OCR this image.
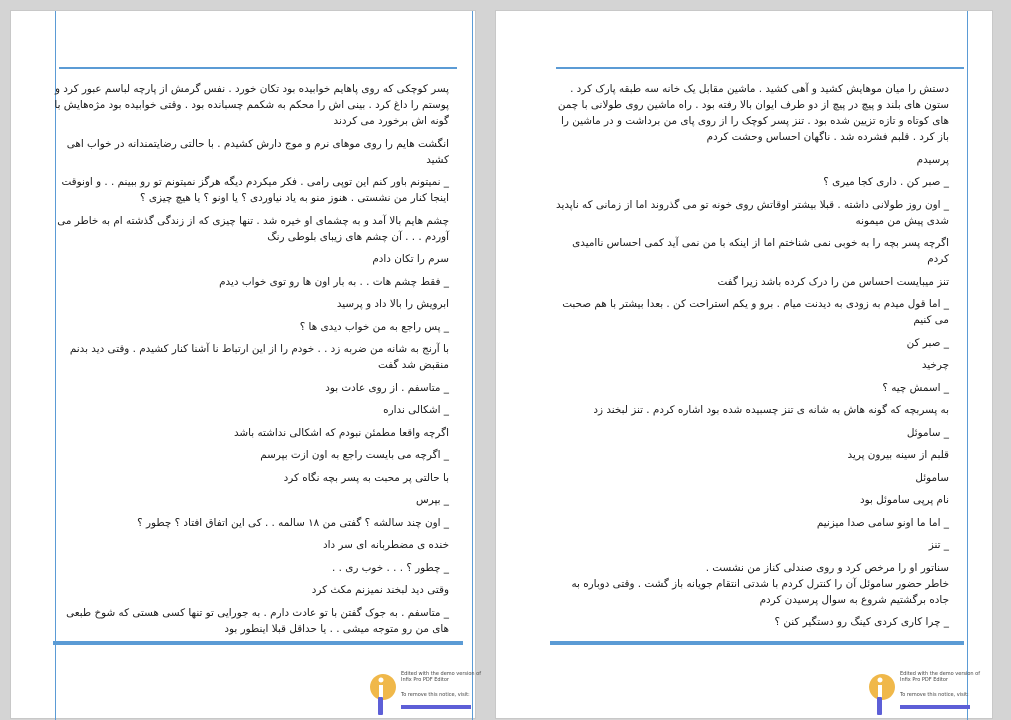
پسر کوچکی که روی پاهایم خوابیده بود تکان خورد . نفس گرمش از پارچه لباسم عبور کرد و پوستم را داغ کرد . بینی اش را محکم به شکمم چسبانده بود . وقتی خوابیده بود مژه‌هایش با گونه اش برخورد می کردند

انگشت هایم را روی موهای نرم و موج دارش کشیدم . با حالتی رضایتمندانه در خواب اهی کشید

_ نمیتونم باور کنم این توپی رامی . فکر میکردم دیگه هرگز نمیتونم تو رو ببینم . . و اونوقت اینجا کنار من نشستی . هنوز منو به یاد نیاوردی ؟ یا اونو ؟ یا هیچ چیزی ؟

چشم هایم بالا آمد و به چشمای او خیره شد . تنها چیزی که از زندگی گذشته ام به خاطر می آوردم . . . آن چشم های زیبای بلوطی رنگ

سرم را تکان دادم

_ فقط چشم هات . . به بار اون ها رو توی خواب دیدم

ابرویش را بالا داد و پرسید

_ پس راجع به من خواب دیدی ها ؟

با آرنج به شانه من ضربه زد . . خودم را از این ارتباط نا آشنا کنار کشیدم . وقتی دید بدنم منقبض شد گفت

_ متاسفم . از روی عادت بود

_ اشکالی نداره

اگرچه واقعا مطمئن نبودم که اشکالی نداشته باشد

_ اگرچه می بایست راجع به اون ازت بپرسم

با حالتی پر محبت به پسر بچه نگاه کرد

_ بپرس

_ اون چند سالشه ؟ گفتی من ۱۸ سالمه . . کی این اتفاق افتاد ؟ چطور ؟

خنده ی مضطربانه ای سر داد

_ چطور ؟ . . . خوب ری . .

وقتی دید لبخند نمیزنم مکث کرد

_ متاسفم . به جوک گفتن با تو عادت دارم . به جورایی تو تنها کسی هستی که شوخ طبعی های من رو متوجه میشی . . یا حداقل قبلا اینطور بود

Edited with the demo version of
Infix Pro PDF Editor
To remove this notice, visit:

دستش را میان موهایش کشید و آهی کشید . ماشین مقابل یک خانه سه طبقه پارک کرد . ستون های بلند و پیچ در پیچ از دو طرف ایوان بالا رفته بود . راه ماشین روی طولانی با چمن های کوتاه و تازه تزیین شده بود . تنز پسر کوچک را از روی پای من برداشت و در ماشین را باز کرد . قلبم فشرده شد . ناگهان احساس وحشت کردم

پرسیدم

_ صبر کن . داری کجا میری ؟

_ اون روز طولانی داشته . قبلا بیشتر اوقاتش روی خونه تو می گذروند اما از زمانی که ناپدید شدی پیش من میمونه

اگرچه پسر بچه را به خوبی نمی شناختم اما از اینکه با من نمی آید کمی احساس ناامیدی کردم

تنز میبایست احساس من را درک کرده باشد زیرا گفت

_ اما قول میدم به زودی به دیدنت میام . برو و یکم استراحت کن . بعدا بیشتر با هم صحبت می کنیم

_ صبر کن

چرخید

_ اسمش چیه ؟

به پسربچه که گونه هاش به شانه ی تنز چسبیده شده بود اشاره کردم . تنز لبخند زد

_ ساموئل

قلبم از سینه بیرون پرید

ساموئل

نام پرپی ساموئل بود

_ اما ما اونو سامی صدا میزنیم

_ تنز

سناتور او را مرخص کرد و روی صندلی کناز من نشست .
خاطر حضور ساموئل آن را کنترل کردم با شدتی انتقام جویانه باز گشت . وقتی دوباره به جاده برگشتیم شروع به سوال پرسیدن کردم

_ چرا کاری کردی کینگ رو دستگیر کنن ؟

Edited with the demo version of
Infix Pro PDF Editor
To remove this notice, visit:
